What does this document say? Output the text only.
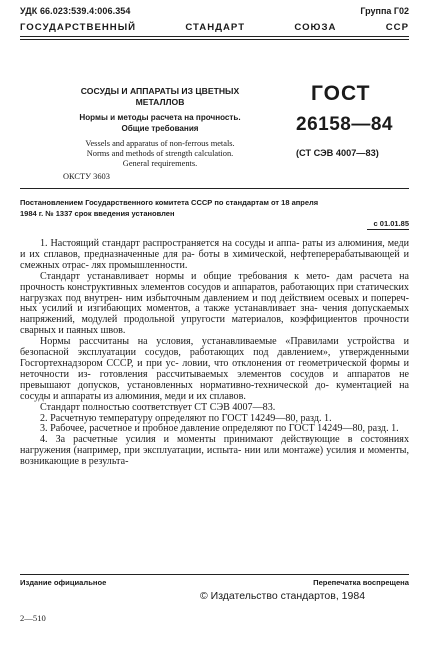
УДК 66.023:539.4:006.354	Группа Г02
ГОСУДАРСТВЕННЫЙ	СТАНДАРТ	СОЮЗА	ССР
СОСУДЫ И АППАРАТЫ ИЗ ЦВЕТНЫХ
МЕТАЛЛОВ
Нормы и методы расчета на прочность.
Общие требования
Vessels and apparatus of non-ferrous metals.
Norms and methods of strength calculation.
General requirements.
ГОСТ
26158—84
(СТ СЭВ 4007—83)
ОКСТУ 3603
Постановлением Государственного комитета СССР по стандартам от 18 апреля
1984 г. № 1337 срок введения установлен
с 01.01.85

1. Настоящий стандарт распространяется на сосуды и аппа- раты из алюминия, меди и их сплавов, предназначенные для ра- боты в химической, нефтеперерабатывающей и смежных отрас- лях промышленности.

Стандарт устанавливает нормы и общие требования к мето- дам расчета на прочность конструктивных элементов сосудов и аппаратов, работающих при статических нагрузках под внутрен- ним избыточным давлением и под действием осевых и попереч- ных усилий и изгибающих моментов, а также устанавливает зна- чения допускаемых напряжений, модулей продольной упругости материалов, коэффициентов прочности сварных и паяных швов.

Нормы рассчитаны на условия, устанавливаемые «Правилами устройства и безопасной эксплуатации сосудов, работающих под давлением», утвержденными Госгортехнадзором СССР, и при ус- ловии, что отклонения от геометрической формы и неточности из- готовления рассчитываемых элементов сосудов и аппаратов не превышают допусков, установленных нормативно-технической до- кументацией на сосуды и аппараты из алюминия, меди и их сплавов.

Стандарт полностью соответствует СТ СЭВ 4007—83.

2. Расчетную температуру определяют по ГОСТ 14249—80, разд. 1.

3. Рабочее, расчетное и пробное давление определяют по ГОСТ 14249—80, разд. 1.

4. За расчетные усилия и моменты принимают действующие в состояниях нагружения (например, при эксплуатации, испыта- нии или монтаже) усилия и моменты, возникающие в результа-

Издание официальное	Перепечатка воспрещена
© Издательство стандартов, 1984
2—510
